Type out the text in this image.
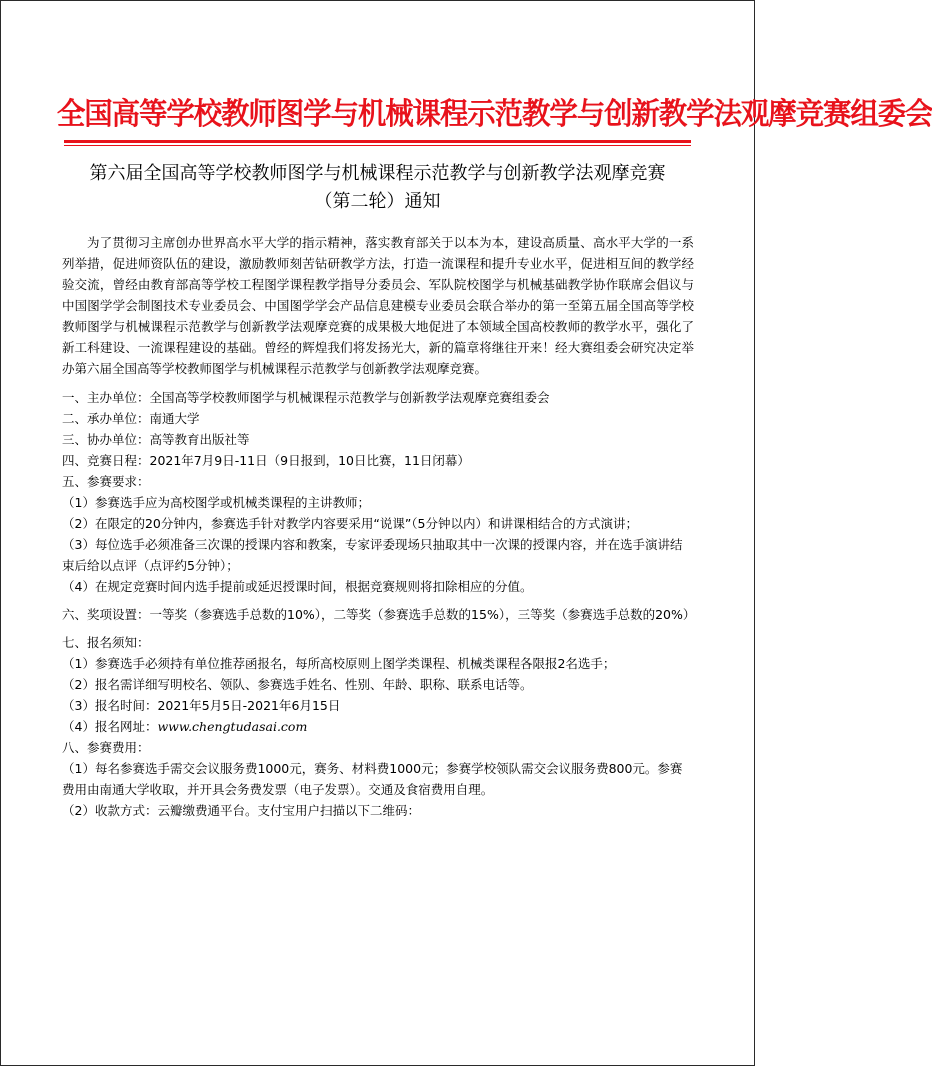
全国高等学校教师图学与机械课程示范教学与创新教学法观摩竞赛组委会
第六届全国高等学校教师图学与机械课程示范教学与创新教学法观摩竞赛
（第二轮）通知

为了贯彻习主席创办世界高水平大学的指示精神，落实教育部关于以本为本，建设高质量、高水平大学的一系列举措，促进师资队伍的建设，激励教师刻苦钻研教学方法，打造一流课程和提升专业水平，促进相互间的教学经验交流，曾经由教育部高等学校工程图学课程教学指导分委员会、军队院校图学与机械基础教学协作联席会倡议与中国图学学会制图技术专业委员会、中国图学学会产品信息建模专业委员会联合举办的第一至第五届全国高等学校教师图学与机械课程示范教学与创新教学法观摩竞赛的成果极大地促进了本领域全国高校教师的教学水平，强化了新工科建设、一流课程建设的基础。曾经的辉煌我们将发扬光大，新的篇章将继往开来！经大赛组委会研究决定举办第六届全国高等学校教师图学与机械课程示范教学与创新教学法观摩竞赛。

一、主办单位：全国高等学校教师图学与机械课程示范教学与创新教学法观摩竞赛组委会

二、承办单位：南通大学

三、协办单位：高等教育出版社等

四、竞赛日程：2021年7月9日-11日（9日报到，10日比赛，11日闭幕）

五、参赛要求：

（1）参赛选手应为高校图学或机械类课程的主讲教师；

（2）在限定的20分钟内，参赛选手针对教学内容要采用“说课”（5分钟以内）和讲课相结合的方式演讲；

（3）每位选手必须准备三次课的授课内容和教案，专家评委现场只抽取其中一次课的授课内容，并在选手演讲结束后给以点评（点评约5分钟）；

（4）在规定竞赛时间内选手提前或延迟授课时间，根据竞赛规则将扣除相应的分值。

六、奖项设置：一等奖（参赛选手总数的10%），二等奖（参赛选手总数的15%），三等奖（参赛选手总数的20%）

七、报名须知：

（1）参赛选手必须持有单位推荐函报名，每所高校原则上图学类课程、机械类课程各限报2名选手；

（2）报名需详细写明校名、领队、参赛选手姓名、性别、年龄、职称、联系电话等。

（3）报名时间：2021年5月5日-2021年6月15日

（4）报名网址：www.chengtudasai.com

八、参赛费用：

（1）每名参赛选手需交会议服务费1000元，赛务、材料费1000元；参赛学校领队需交会议服务费800元。参赛费用由南通大学收取，并开具会务费发票（电子发票）。交通及食宿费用自理。

（2）收款方式：云瓣缴费通平台。支付宝用户扫描以下二维码：
